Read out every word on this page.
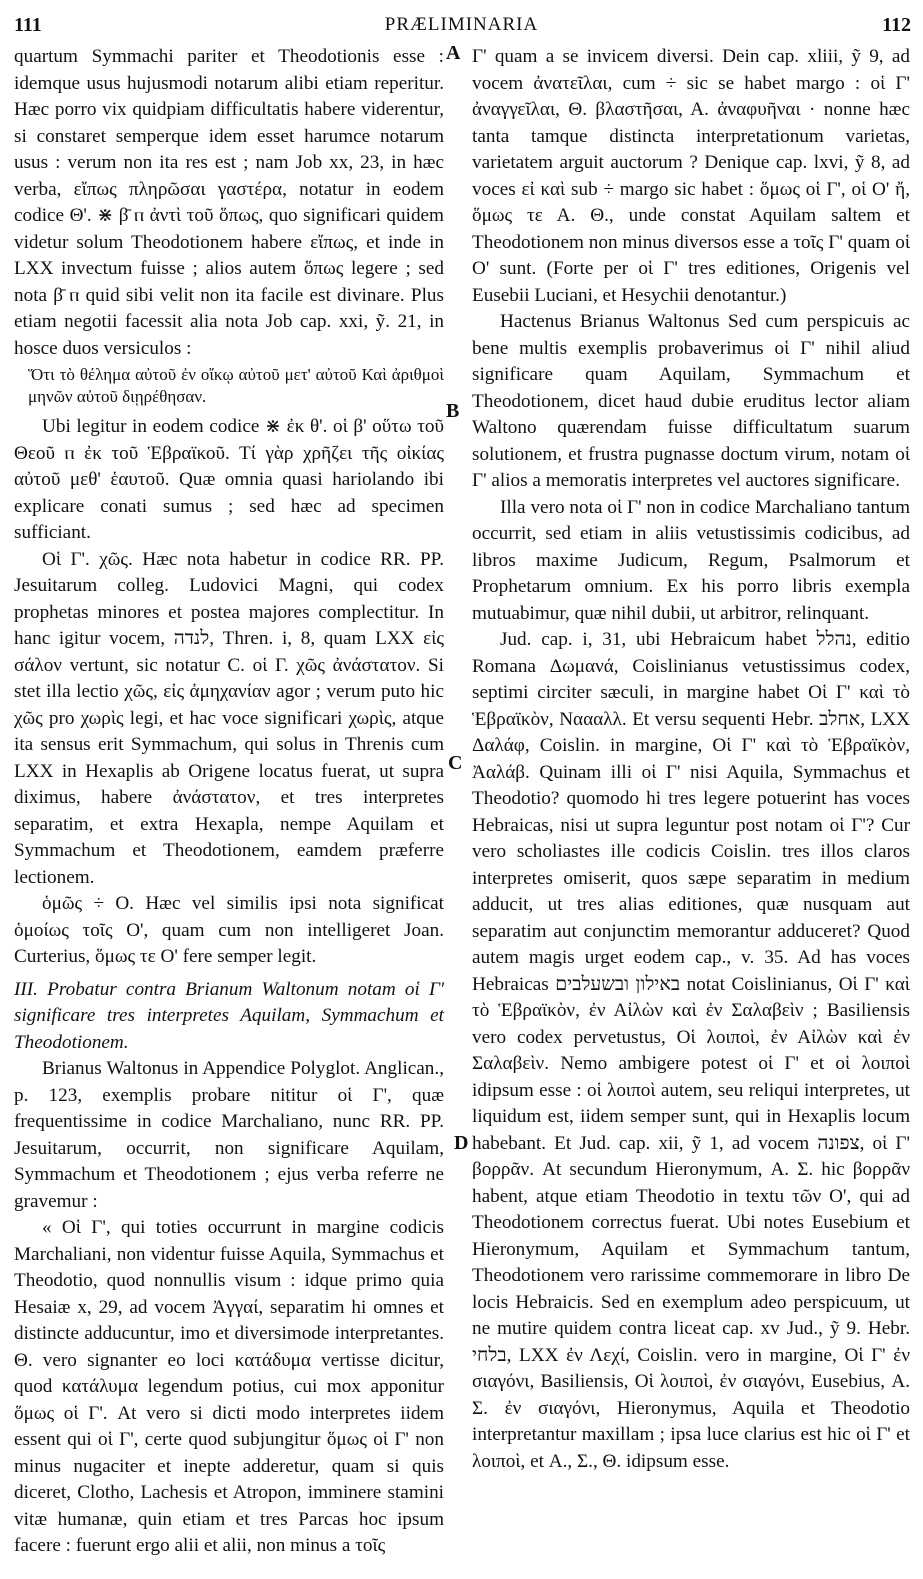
111	PRÆLIMINARIA	112
A
B
C
D

quartum Symmachi pariter et Theodotionis esse : idemque usus hujusmodi notarum alibi etiam reperitur. Hæc porro vix quidpiam difficultatis habere viderentur, si constaret semperque idem esset harumce notarum usus : verum non ita res est ; nam Job xx, 23, in hæc verba, εἴπως πληρῶσαι γαστέρα, notatur in eodem codice Θ'. ⋇ β̄ ⲡ ἀντὶ τοῦ ὅπως, quo significari quidem videtur solum Theodotionem habere εἴπως, et inde in LXX invectum fuisse ; alios autem ὅπως legere ; sed nota β̄ ⲡ quid sibi velit non ita facile est divinare. Plus etiam negotii facessit alia nota Job cap. xxi, ỹ. 21, in hosce duos versiculos :

Ὅτι τὸ θέλημα αὐτοῦ ἐν οἴκῳ αὐτοῦ μετ' αὐτοῦ Καὶ ἀριθμοὶ μηνῶν αὐτοῦ διῃρέθησαν.

Ubi legitur in eodem codice ⋇ ἐκ θ'. οἱ β' οὕτω τοῦ Θεοῦ ⲡ ἐκ τοῦ Ἑβραϊκοῦ. Τί γὰρ χρῆζει τῆς οἰκίας αὐτοῦ μεθ' ἑαυτοῦ. Quæ omnia quasi hariolando ibi explicare conati sumus ; sed hæc ad specimen sufficiant.

Οἱ Γ'. χῶς. Hæc nota habetur in codice RR. PP. Jesuitarum colleg. Ludovici Magni, qui codex prophetas minores et postea majores complectitur. In hanc igitur vocem, לנדה, Thren. i, 8, quam LXX εἰς σάλον vertunt, sic notatur C. οἱ Γ. χῶς ἀνάστατον. Si stet illa lectio χῶς, εἰς ἀμηχανίαν agor ; verum puto hic χῶς pro χωρὶς legi, et hac voce significari χωρὶς, atque ita sensus erit Symmachum, qui solus in Threnis cum LXX in Hexaplis ab Origene locatus fuerat, ut supra diximus, habere ἀνάστατον, et tres interpretes separatim, et extra Hexapla, nempe Aquilam et Symmachum et Theodotionem, eamdem præferre lectionem.

ὁμῶς ÷ Ο. Hæc vel similis ipsi nota significat ὁμοίως τοῖς Ο', quam cum non intelligeret Joan. Curterius, ὅμως τε Ο' fere semper legit.

III. Probatur contra Brianum Waltonum notam οἱ Γ' significare tres interpretes Aquilam, Symmachum et Theodotionem.

Brianus Waltonus in Appendice Polyglot. Anglican., p. 123, exemplis probare nititur οἱ Γ', quæ frequentissime in codice Marchaliano, nunc RR. PP. Jesuitarum, occurrit, non significare Aquilam, Symmachum et Theodotionem ; ejus verba referre ne gravemur :

« Οἱ Γ', qui toties occurrunt in margine codicis Marchaliani, non videntur fuisse Aquila, Symmachus et Theodotio, quod nonnullis visum : idque primo quia Hesaiæ x, 29, ad vocem Ἀγγαί, separatim hi omnes et distincte adducuntur, imo et diversimode interpretantes. Θ. vero signanter eo loci κατάδυμα vertisse dicitur, quod κατάλυμα legendum potius, cui mox apponitur ὅμως οἱ Γ'. At vero si dicti modo interpretes iidem essent qui οἱ Γ', certe quod subjungitur ὅμως οἱ Γ' non minus nugaciter et inepte adderetur, quam si quis diceret, Clotho, Lachesis et Atropon, imminere stamini vitæ humanæ, quin etiam et tres Parcas hoc ipsum facere : fuerunt ergo alii et alii, non minus a τοῖς

Γ' quam a se invicem diversi. Dein cap. xliii, ỹ 9, ad vocem ἀνατεῖλαι, cum ÷ sic se habet margo : οἱ Γ' ἀναγγεῖλαι, Θ. βλαστῆσαι, Α. ἀναφυῆναι · nonne hæc tanta tamque distincta interpretationum varietas, varietatem arguit auctorum ? Denique cap. lxvi, ỹ 8, ad voces εἰ καὶ sub ÷ margo sic habet : ὅμως οἱ Γ', οἱ Ο' ἤ, ὅμως τε Α. Θ., unde constat Aquilam saltem et Theodotionem non minus diversos esse a τοῖς Γ' quam οἱ Ο' sunt. (Forte per οἱ Γ' tres editiones, Origenis vel Eusebii Luciani, et Hesychii denotantur.)

Hactenus Brianus Waltonus Sed cum perspicuis ac bene multis exemplis probaverimus οἱ Γ' nihil aliud significare quam Aquilam, Symmachum et Theodotionem, dicet haud dubie eruditus lector aliam Waltono quærendam fuisse difficultatum suarum solutionem, et frustra pugnasse doctum virum, notam οἱ Γ' alios a memoratis interpretes vel auctores significare.

Illa vero nota οἱ Γ' non in codice Marchaliano tantum occurrit, sed etiam in aliis vetustissimis codicibus, ad libros maxime Judicum, Regum, Psalmorum et Prophetarum omnium. Ex his porro libris exempla mutuabimur, quæ nihil dubii, ut arbitror, relinquant.

Jud. cap. i, 31, ubi Hebraicum habet נהלל, editio Romana Δωμανά, Coislinianus vetustissimus codex, septimi circiter sæculi, in margine habet Οἱ Γ' καὶ τὸ Ἑβραϊκὸν, Ναααλλ. Et versu sequenti Hebr. אחלב, LXX Δαλάφ, Coislin. in margine, Οἱ Γ' καὶ τὸ Ἑβραϊκὸν, Ἀαλάβ. Quinam illi οἱ Γ' nisi Aquila, Symmachus et Theodotio? quomodo hi tres legere potuerint has voces Hebraicas, nisi ut supra leguntur post notam οἱ Γ'? Cur vero scholiastes ille codicis Coislin. tres illos claros interpretes omiserit, quos sæpe separatim in medium adducit, ut tres alias editiones, quæ nusquam aut separatim aut conjunctim memorantur adduceret? Quod autem magis urget eodem cap., v. 35. Ad has voces Hebraicas באילון ובשעלבים notat Coislinianus, Οἱ Γ' καὶ τὸ Ἑβραϊκὸν, ἐν Αἰλὼν καὶ ἐν Σαλαβεὶν ; Basiliensis vero codex pervetustus, Οἱ λοιποὶ, ἐν Αἰλὼν καὶ ἐν Σαλαβεὶν. Nemo ambigere potest οἱ Γ' et οἱ λοιποὶ idipsum esse : οἱ λοιποὶ autem, seu reliqui interpretes, ut liquidum est, iidem semper sunt, qui in Hexaplis locum habebant. Et Jud. cap. xii, ỹ 1, ad vocem צפונה, οἱ Γ' βορρᾶν. At secundum Hieronymum, Α. Σ. hic βορρᾶν habent, atque etiam Theodotio in textu τῶν Ο', qui ad Theodotionem correctus fuerat. Ubi notes Eusebium et Hieronymum, Aquilam et Symmachum tantum, Theodotionem vero rarissime commemorare in libro De locis Hebraicis. Sed en exemplum adeo perspicuum, ut ne mutire quidem contra liceat cap. xv Jud., ỹ 9. Hebr. בלחי, LXX ἐν Λεχί, Coislin. vero in margine, Οἱ Γ' ἐν σιαγόνι, Basiliensis, Οἱ λοιποὶ, ἐν σιαγόνι, Eusebius, Α. Σ. ἐν σιαγόνι, Hieronymus, Aquila et Theodotio interpretantur maxillam ; ipsa luce clarius est hic οἱ Γ' et λοιποὶ, et Α., Σ., Θ. idipsum esse.
